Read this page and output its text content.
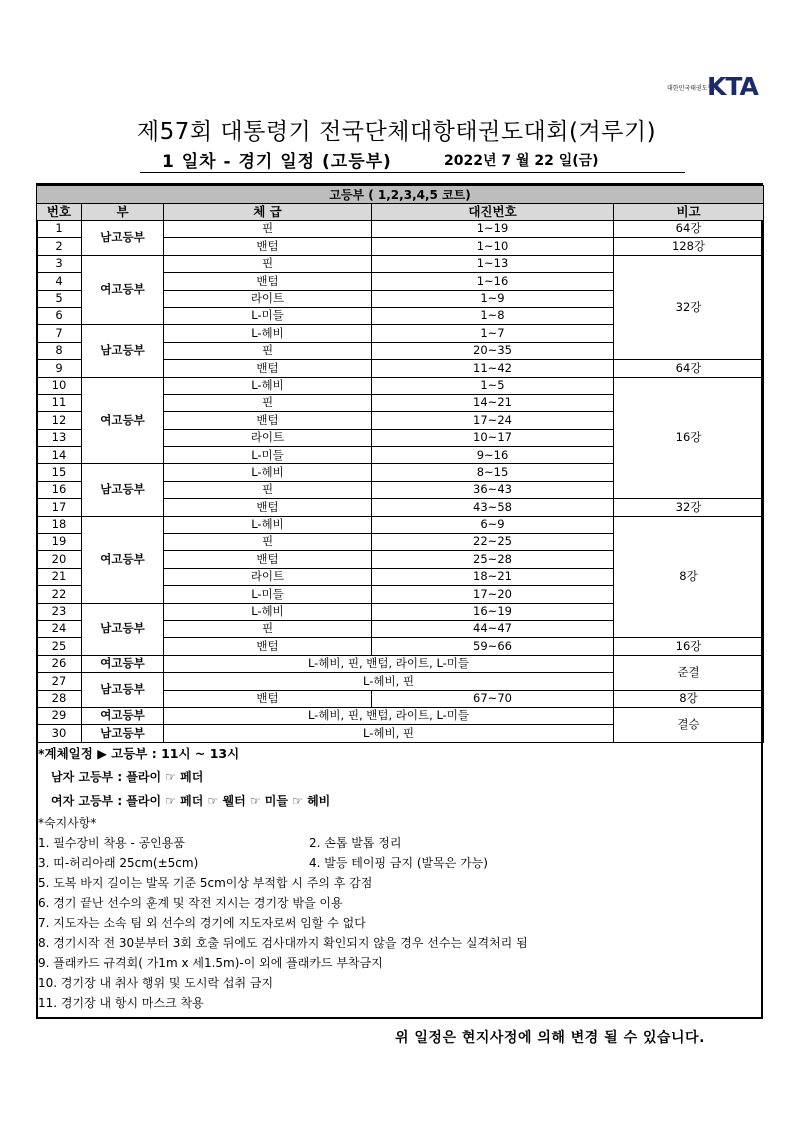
대한민국태권도협회
KTA
제57회 대통령기 전국단체대항태권도대회(겨루기)
1 일차 - 경기 일정 (고등부)	2022년 7 월 22 일(금)
고등부 ( 1,2,3,4,5 코트)				
번호	부	체 급	대진번호	비고
1	남고등부	핀	1~19	64강
2		밴텀	1~10	128강
3	여고등부	핀	1~13	32강
4		밴텀	1~16	
5		라이트	1~9	
6		L-미들	1~8	
7	남고등부	L-헤비	1~7	
8		핀	20~35	
9		밴텀	11~42	64강
10	여고등부	L-헤비	1~5	16강
11		핀	14~21	
12		밴텀	17~24	
13		라이트	10~17	
14		L-미들	9~16	
15	남고등부	L-헤비	8~15	
16		핀	36~43	
17		밴텀	43~58	32강
18	여고등부	L-헤비	6~9	8강
19		핀	22~25	
20		밴텀	25~28	
21		라이트	18~21	
22		L-미들	17~20	
23	남고등부	L-헤비	16~19	
24		핀	44~47	
25		밴텀	59~66	16강
26	여고등부	L-헤비, 핀, 밴텀, 라이트, L-미들		준결
27	남고등부	L-헤비, 핀		
28		밴텀	67~70	8강
29	여고등부	L-헤비, 핀, 밴텀, 라이트, L-미들		결승
30	남고등부	L-헤비, 핀		
*계체일정 ▶ 고등부 : 11시 ~ 13시
남자 고등부 : 플라이 ☞ 페더
여자 고등부 : 플라이 ☞ 페더 ☞ 웰터 ☞ 미들 ☞ 헤비
*숙지사항*
1. 필수장비 착용 - 공인용품	2. 손톱 발톱 정리
3. 띠-허리아래 25cm(±5cm)	4. 발등 테이핑 금지 (발목은 가능)
5. 도복 바지 길이는 발목 기준 5cm이상 부적합 시 주의 후 감점
6. 경기 끝난 선수의 훈계 및 작전 지시는 경기장 밖을 이용
7. 지도자는 소속 팀 외 선수의 경기에 지도자로써 임할 수 없다
8. 경기시작 전 30분부터 3회 호출 뒤에도 검사대까지 확인되지 않을 경우 선수는 실격처리 됨
9. 플래카드 규격회( 가1m x 세1.5m)-이 외에 플래카드 부착금지
10. 경기장 내 취사 행위 및 도시락 섭취 금지
11. 경기장 내 항시 마스크 착용
위 일정은 현지사정에 의해 변경 될 수 있습니다.
